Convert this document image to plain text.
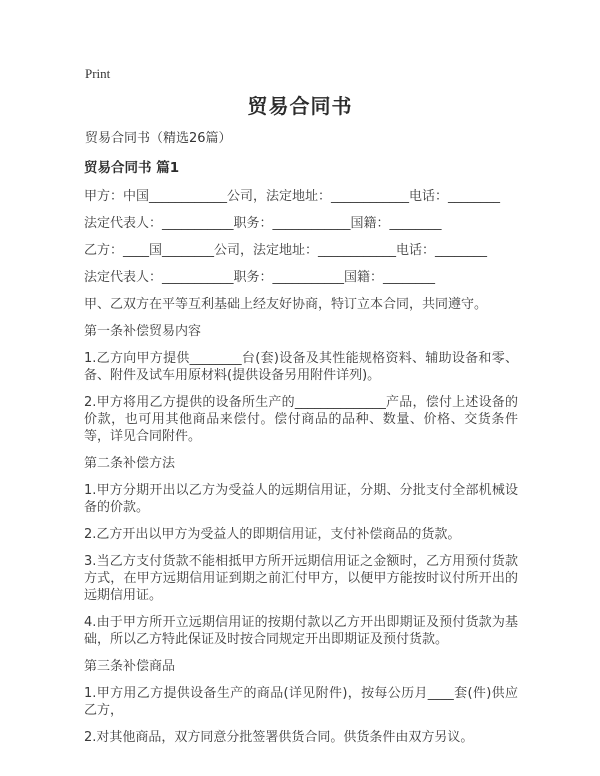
Print
贸易合同书
贸易合同书（精选26篇）

贸易合同书 篇1

甲方：中国____________公司，法定地址：____________电话：________

法定代表人：___________职务：____________国籍：________

乙方：____国________公司，法定地址：____________电话：________

法定代表人：___________职务：___________国籍：________

甲、乙双方在平等互利基础上经友好协商，特订立本合同，共同遵守。

第一条补偿贸易内容

1.乙方向甲方提供________台(套)设备及其性能规格资料、辅助设备和零、备、附件及试车用原材料(提供设备另用附件详列)。

2.甲方将用乙方提供的设备所生产的______________产品，偿付上述设备的价款，也可用其他商品来偿付。偿付商品的品种、数量、价格、交货条件等，详见合同附件。

第二条补偿方法

1.甲方分期开出以乙方为受益人的远期信用证，分期、分批支付全部机械设备的价款。

2.乙方开出以甲方为受益人的即期信用证，支付补偿商品的货款。

3.当乙方支付货款不能相抵甲方所开远期信用证之金额时，乙方用预付货款方式，在甲方远期信用证到期之前汇付甲方，以便甲方能按时议付所开出的远期信用证。

4.由于甲方所开立远期信用证的按期付款以乙方开出即期证及预付货款为基础，所以乙方特此保证及时按合同规定开出即期证及预付货款。

第三条补偿商品

1.甲方用乙方提供设备生产的商品(详见附件)，按每公历月____套(件)供应乙方，

2.对其他商品，双方同意分批签署供货合同。供货条件由双方另议。
